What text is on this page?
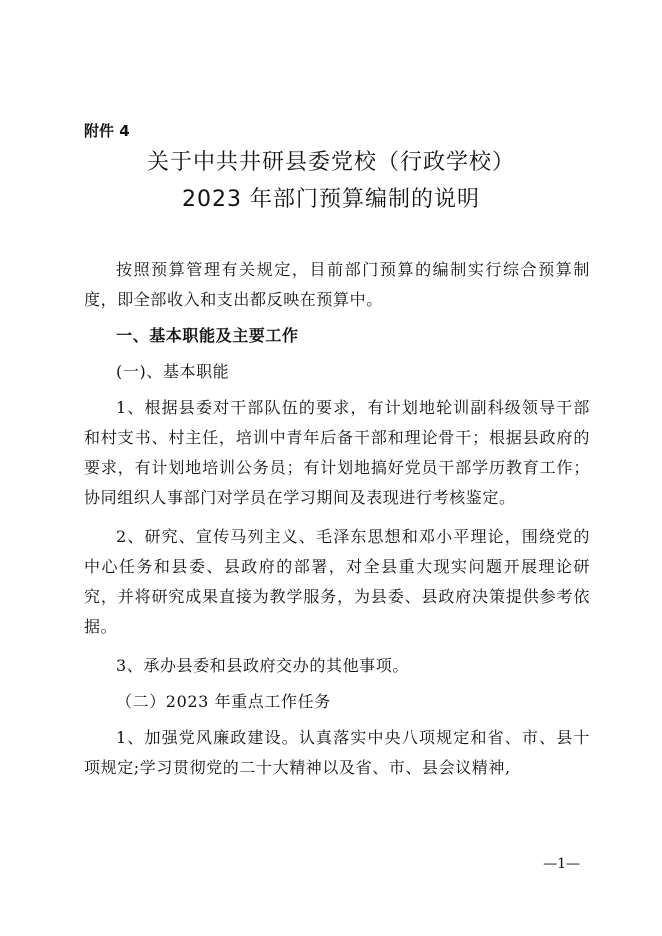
附件 4
关于中共井研县委党校（行政学校）
2023 年部门预算编制的说明

按照预算管理有关规定，目前部门预算的编制实行综合预算制度，即全部收入和支出都反映在预算中。

一、基本职能及主要工作

(一)、基本职能

1、根据县委对干部队伍的要求，有计划地轮训副科级领导干部和村支书、村主任，培训中青年后备干部和理论骨干；根据县政府的要求，有计划地培训公务员；有计划地搞好党员干部学历教育工作；协同组织人事部门对学员在学习期间及表现进行考核鉴定。

2、研究、宣传马列主义、毛泽东思想和邓小平理论，围绕党的中心任务和县委、县政府的部署，对全县重大现实问题开展理论研究，并将研究成果直接为教学服务，为县委、县政府决策提供参考依据。

3、承办县委和县政府交办的其他事项。

（二）2023 年重点工作任务

1、加强党风廉政建设。认真落实中央八项规定和省、市、县十项规定;学习贯彻党的二十大精神以及省、市、县会议精神,

—1—
